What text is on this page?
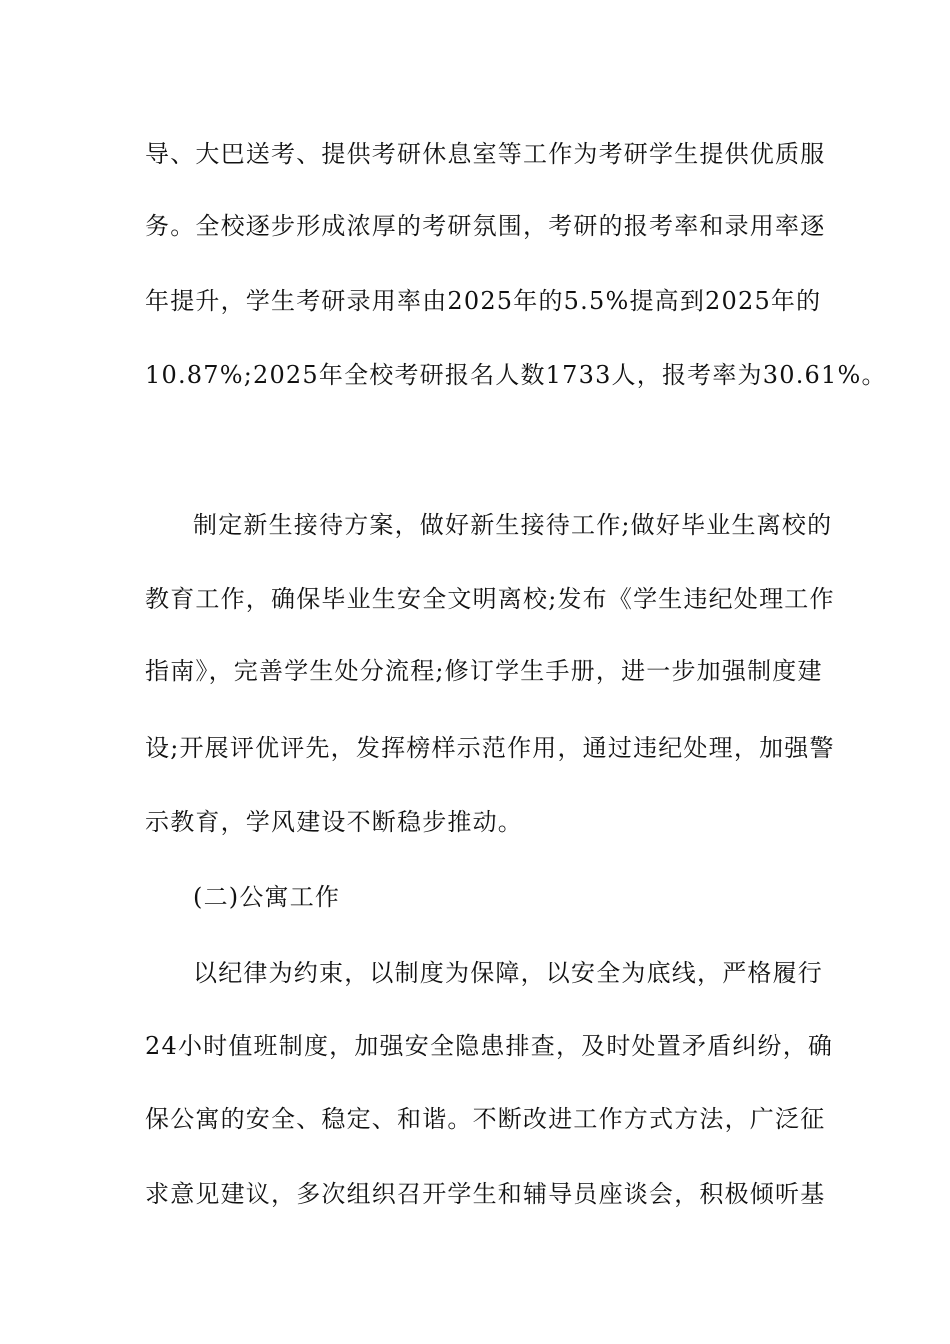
导、大巴送考、提供考研休息室等工作为考研学生提供优质服
务。全校逐步形成浓厚的考研氛围，考研的报考率和录用率逐
年提升，学生考研录用率由2025年的5.5%提高到2025年的
10.87%;2025年全校考研报名人数1733人，报考率为30.61%。
制定新生接待方案，做好新生接待工作;做好毕业生离校的
教育工作，确保毕业生安全文明离校;发布《学生违纪处理工作
指南》，完善学生处分流程;修订学生手册，进一步加强制度建
设;开展评优评先，发挥榜样示范作用，通过违纪处理，加强警
示教育，学风建设不断稳步推动。
(二)公寓工作
以纪律为约束，以制度为保障，以安全为底线，严格履行
24小时值班制度，加强安全隐患排查，及时处置矛盾纠纷，确
保公寓的安全、稳定、和谐。不断改进工作方式方法，广泛征
求意见建议，多次组织召开学生和辅导员座谈会，积极倾听基
